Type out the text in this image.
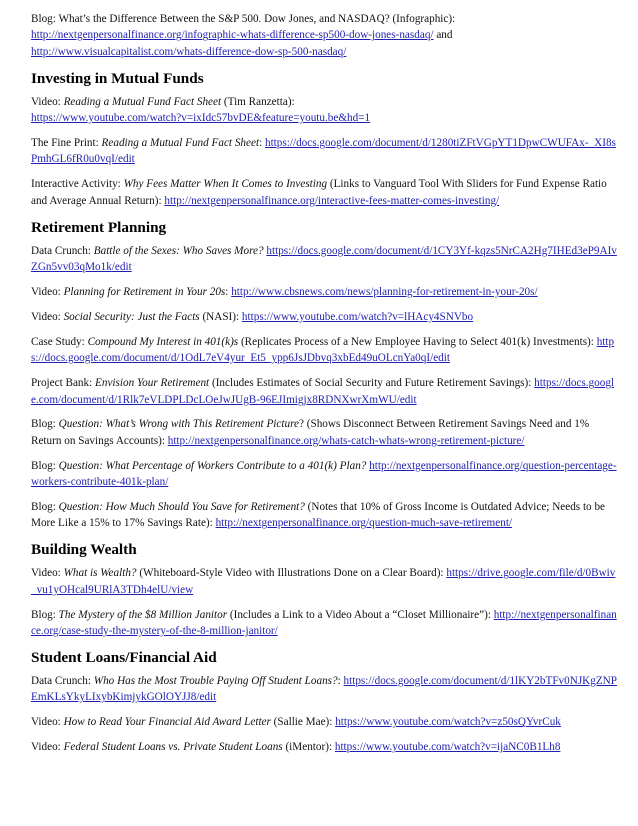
Blog: What’s the Difference Between the S&P 500. Dow Jones, and NASDAQ? (Infographic):
http://nextgenpersonalfinance.org/infographic-whats-difference-sp500-dow-jones-nasdaq/ and
http://www.visualcapitalist.com/whats-difference-dow-sp-500-nasdaq/

Investing in Mutual Funds

Video: Reading a Mutual Fund Fact Sheet (Tim Ranzetta):
https://www.youtube.com/watch?v=ixIdc57bvDE&feature=youtu.be&hd=1

The Fine Print: Reading a Mutual Fund Fact Sheet: https://docs.google.com/document/d/1280tiZFtVGpYT1DpwCWUFAx-_XI8sPmhGL6fR0u0vqI/edit

Interactive Activity: Why Fees Matter When It Comes to Investing (Links to Vanguard Tool With Sliders for Fund Expense Ratio and Average Annual Return): http://nextgenpersonalfinance.org/interactive-fees-matter-comes-investing/

Retirement Planning

Data Crunch: Battle of the Sexes: Who Saves More? https://docs.google.com/document/d/1CY3Yf-kqzs5NrCA2Hg7IHEd3eP9AIvZGn5vv03qMo1k/edit

Video: Planning for Retirement in Your 20s: http://www.cbsnews.com/news/planning-for-retirement-in-your-20s/

Video: Social Security: Just the Facts (NASI): https://www.youtube.com/watch?v=lHAcy4SNVbo

Case Study: Compound My Interest in 401(k)s (Replicates Process of a New Employee Having to Select 401(k) Investments): https://docs.google.com/document/d/1OdL7eV4yur_Et5_ypp6JsJDbvq3xbEd49uOLcnYa0qI/edit

Project Bank: Envision Your Retirement (Includes Estimates of Social Security and Future Retirement Savings): https://docs.google.com/document/d/1Rlk7eVLDPLDcLOeJwJUgB-96EJImigjx8RDNXwrXmWU/edit

Blog: Question: What’s Wrong with This Retirement Picture? (Shows Disconnect Between Retirement Savings Need and 1% Return on Savings Accounts): http://nextgenpersonalfinance.org/whats-catch-whats-wrong-retirement-picture/

Blog: Question: What Percentage of Workers Contribute to a 401(k) Plan? http://nextgenpersonalfinance.org/question-percentage-workers-contribute-401k-plan/

Blog: Question: How Much Should You Save for Retirement? (Notes that 10% of Gross Income is Outdated Advice; Needs to be More Like a 15% to 17% Savings Rate): http://nextgenpersonalfinance.org/question-much-save-retirement/

Building Wealth

Video: What is Wealth? (Whiteboard-Style Video with Illustrations Done on a Clear Board): https://drive.google.com/file/d/0Bwiv_vu1yOHcal9URlA3TDh4elU/view

Blog: The Mystery of the $8 Million Janitor (Includes a Link to a Video About a “Closet Millionaire”): http://nextgenpersonalfinance.org/case-study-the-mystery-of-the-8-million-janitor/

Student Loans/Financial Aid

Data Crunch: Who Has the Most Trouble Paying Off Student Loans?: https://docs.google.com/document/d/1lKY2bTFv0NJKgZNPEmKLsYkyLIxybKimjykGOlOYJJ8/edit

Video: How to Read Your Financial Aid Award Letter (Sallie Mae): https://www.youtube.com/watch?v=z50sQYvrCuk

Video: Federal Student Loans vs. Private Student Loans (iMentor): https://www.youtube.com/watch?v=ijaNC0B1Lh8
